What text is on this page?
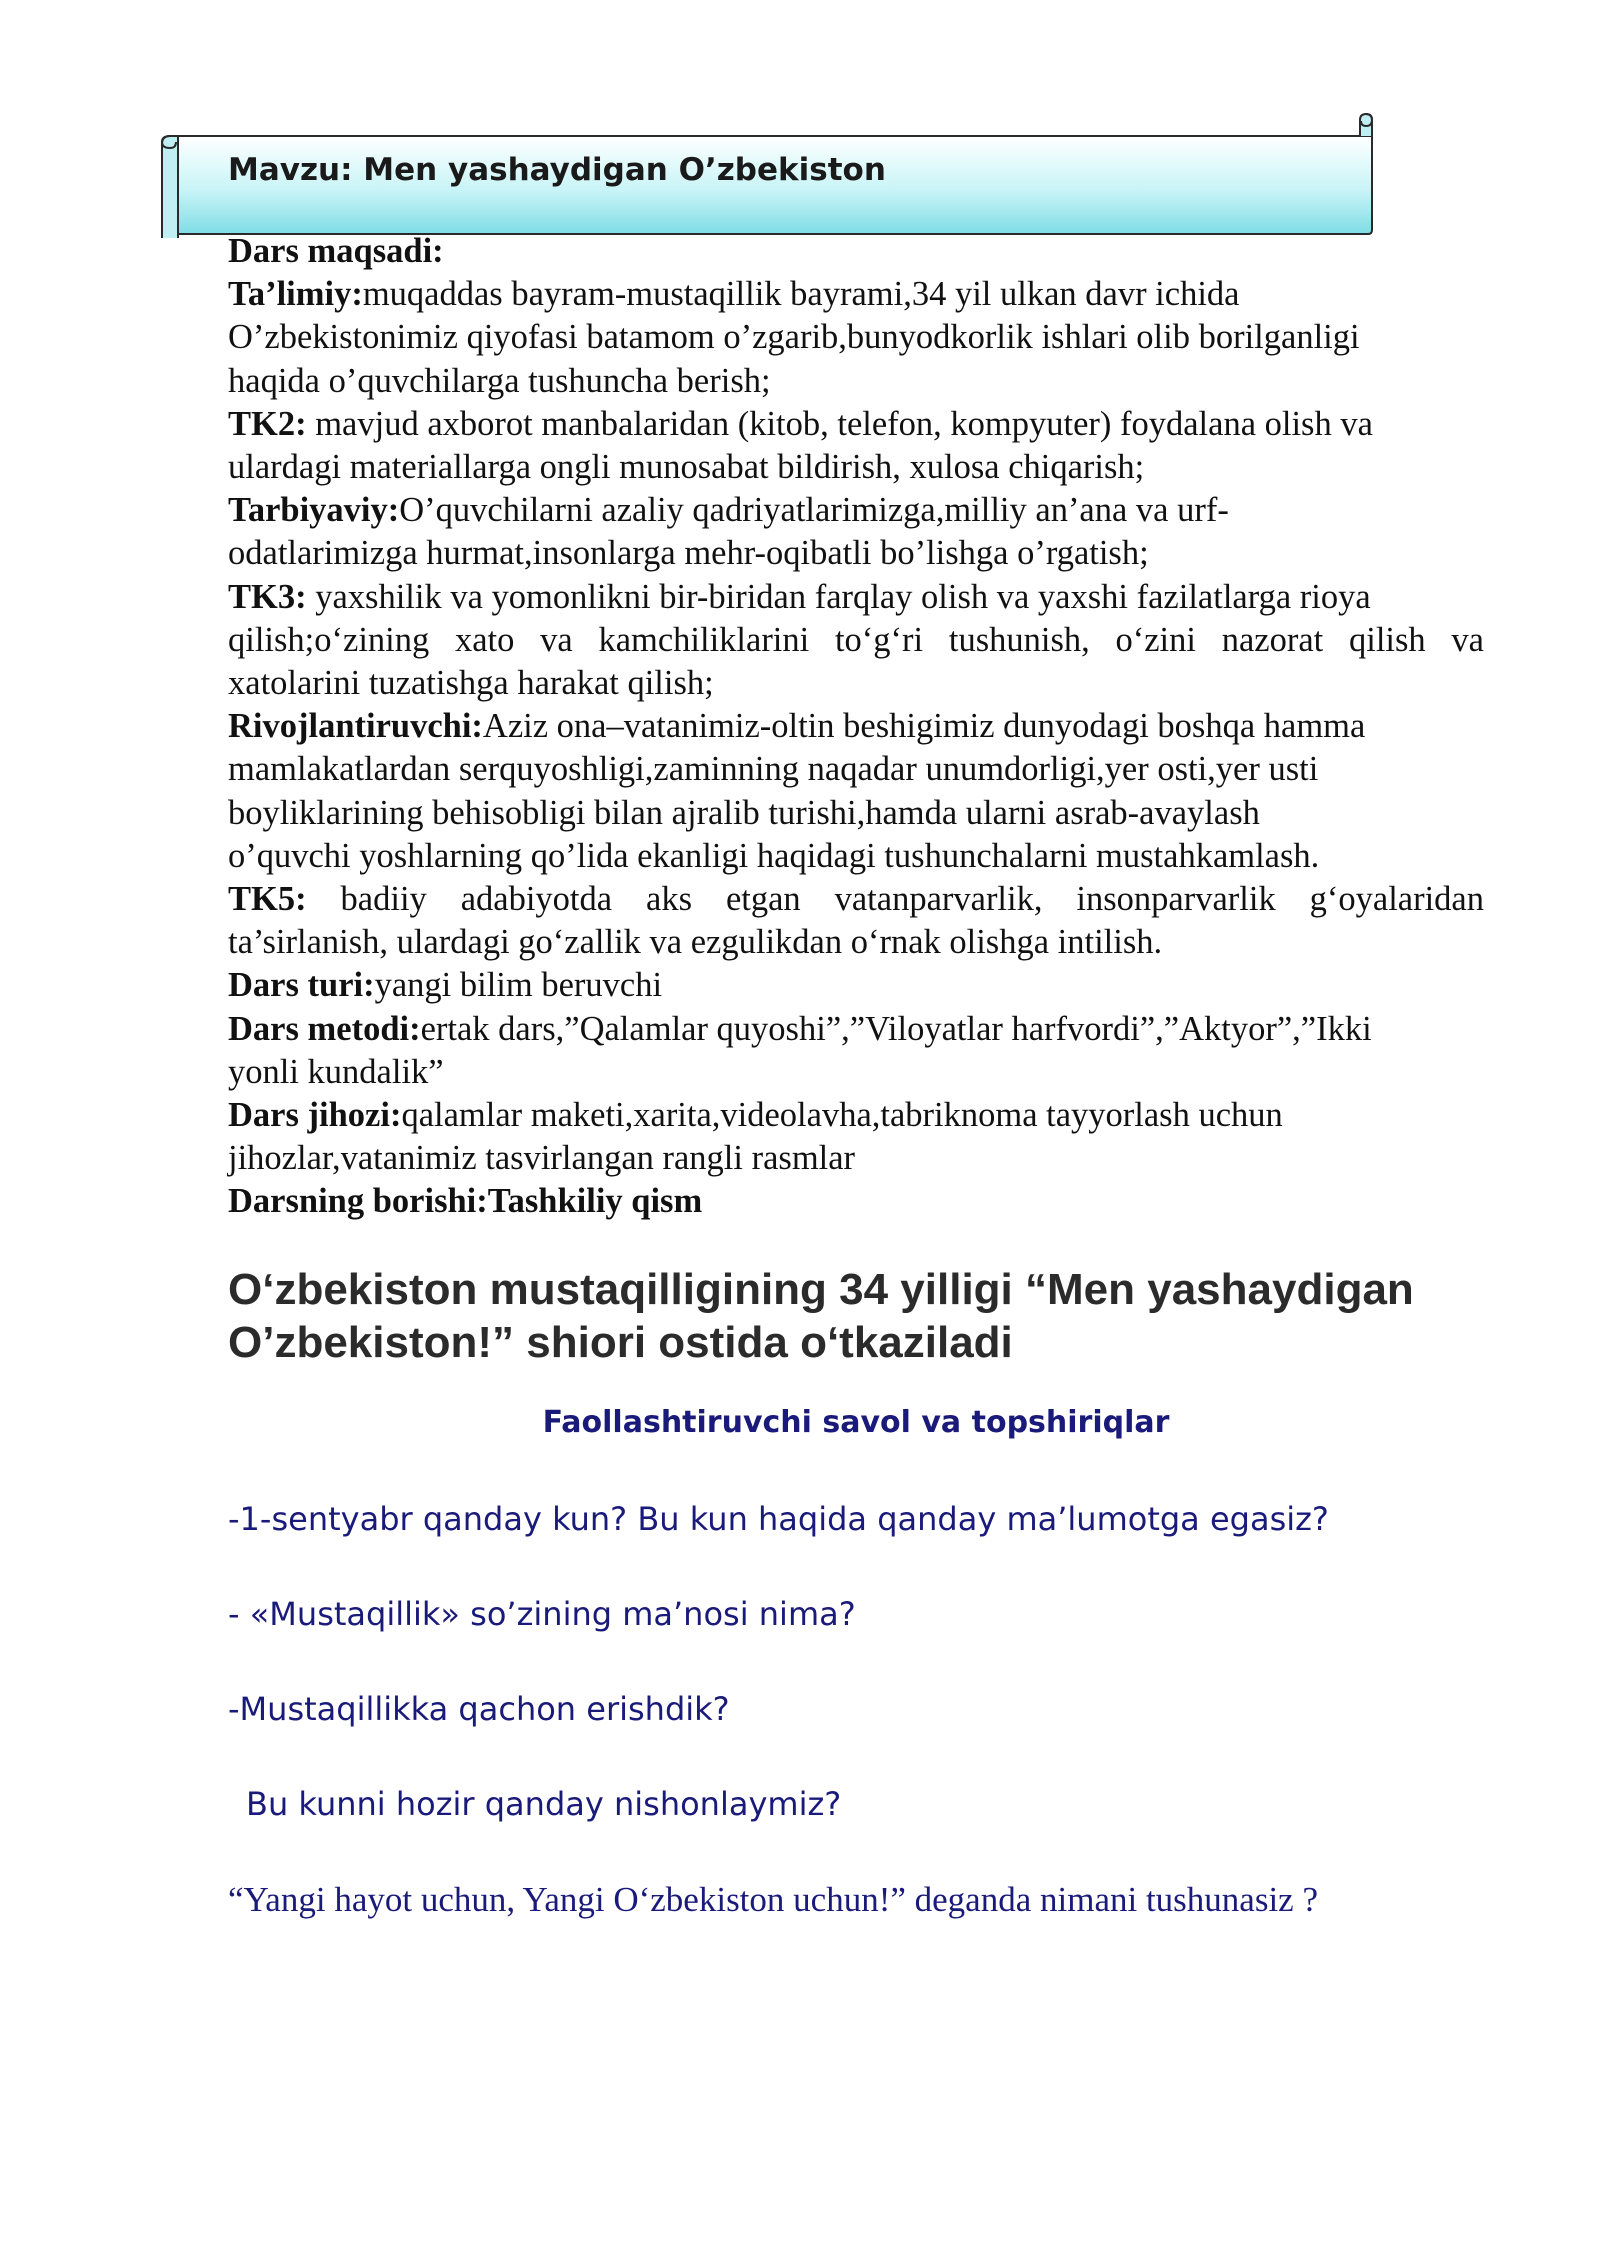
Mavzu: Men yashaydigan O’zbekiston
Dars maqsadi:
Ta’limiy:muqaddas bayram-mustaqillik bayrami,34 yil ulkan davr ichida
O’zbekistonimiz qiyofasi batamom o’zgarib,bunyodkorlik ishlari olib borilganligi
haqida o’quvchilarga tushuncha berish;
TK2: mavjud axborot manbalaridan (kitob, telefon, kompyuter) foydalana olish va
ulardagi materiallarga ongli munosabat bildirish, xulosa chiqarish;
Tarbiyaviy:O’quvchilarni azaliy qadriyatlarimizga,milliy an’ana va urf-
odatlarimizga hurmat,insonlarga mehr-oqibatli bo’lishga o’rgatish;
TK3: yaxshilik va yomonlikni bir-biridan farqlay olish va yaxshi fazilatlarga rioya
qilish;o‘zining xato va kamchiliklarini to‘g‘ri tushunish, o‘zini nazorat qilish va
xatolarini tuzatishga harakat qilish;
Rivojlantiruvchi:Aziz ona–vatanimiz-oltin beshigimiz dunyodagi boshqa hamma
mamlakatlardan serquyoshligi,zaminning naqadar unumdorligi,yer osti,yer usti
boyliklarining behisobligi bilan ajralib turishi,hamda ularni asrab-avaylash
o’quvchi yoshlarning qo’lida ekanligi haqidagi tushunchalarni mustahkamlash.
TK5: badiiy adabiyotda aks etgan vatanparvarlik, insonparvarlik g‘oyalaridan
ta’sirlanish, ulardagi go‘zallik va ezgulikdan o‘rnak olishga intilish.
Dars turi:yangi bilim beruvchi
Dars metodi:ertak dars,”Qalamlar quyoshi”,”Viloyatlar harfvordi”,”Aktyor”,”Ikki
yonli kundalik”
Dars jihozi:qalamlar maketi,xarita,videolavha,tabriknoma tayyorlash uchun
jihozlar,vatanimiz tasvirlangan rangli rasmlar
Darsning borishi:Tashkiliy qism
O‘zbekiston mustaqilligining 34 yilligi “Men yashaydigan
O’zbekiston!” shiori ostida o‘tkaziladi
Faollashtiruvchi savol va topshiriqlar
-1-sentyabr qanday kun? Bu kun haqida qanday ma’lumotga egasiz?
- «Mustaqillik» so’zining ma’nosi nima?
-Mustaqillikka qachon erishdik?
Bu kunni hozir qanday nishonlaymiz?
“Yangi hayot uchun, Yangi O‘zbekiston uchun!” deganda nimani tushunasiz ?
